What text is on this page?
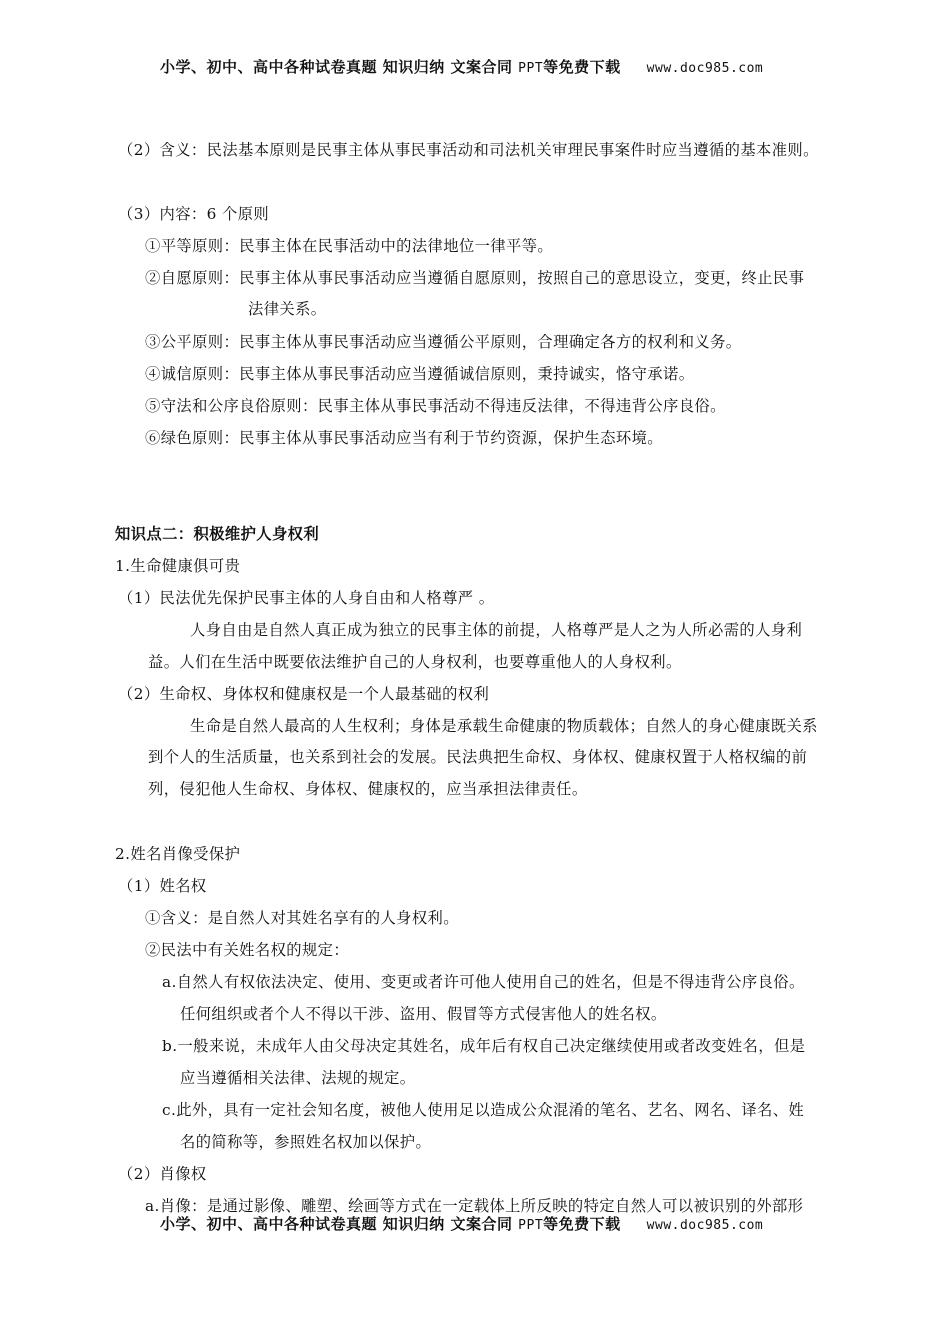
小学、初中、高中各种试卷真题 知识归纳 文案合同 PPT等免费下载 www.doc985.com
（2）含义：民法基本原则是民事主体从事民事活动和司法机关审理民事案件时应当遵循的基本准则。
（3）内容：6 个原则
①平等原则：民事主体在民事活动中的法律地位一律平等。
②自愿原则：民事主体从事民事活动应当遵循自愿原则，按照自己的意思设立，变更，终止民事
法律关系。
③公平原则：民事主体从事民事活动应当遵循公平原则，合理确定各方的权利和义务。
④诚信原则：民事主体从事民事活动应当遵循诚信原则，秉持诚实，恪守承诺。
⑤守法和公序良俗原则：民事主体从事民事活动不得违反法律，不得违背公序良俗。
⑥绿色原则：民事主体从事民事活动应当有利于节约资源，保护生态环境。
知识点二：积极维护人身权利
1.生命健康俱可贵
（1）民法优先保护民事主体的人身自由和人格尊严 。
人身自由是自然人真正成为独立的民事主体的前提，人格尊严是人之为人所必需的人身利
益。人们在生活中既要依法维护自己的人身权利，也要尊重他人的人身权利。
（2）生命权、身体权和健康权是一个人最基础的权利
生命是自然人最高的人生权利；身体是承载生命健康的物质载体；自然人的身心健康既关系
到个人的生活质量，也关系到社会的发展。民法典把生命权、身体权、健康权置于人格权编的前
列，侵犯他人生命权、身体权、健康权的，应当承担法律责任。
2.姓名肖像受保护
（1）姓名权
①含义：是自然人对其姓名享有的人身权利。
②民法中有关姓名权的规定：
a.自然人有权依法决定、使用、变更或者许可他人使用自己的姓名，但是不得违背公序良俗。
任何组织或者个人不得以干涉、盗用、假冒等方式侵害他人的姓名权。
b.一般来说，未成年人由父母决定其姓名，成年后有权自己决定继续使用或者改变姓名，但是
应当遵循相关法律、法规的规定。
c.此外，具有一定社会知名度，被他人使用足以造成公众混淆的笔名、艺名、网名、译名、姓
名的简称等，参照姓名权加以保护。
（2）肖像权
a.肖像：是通过影像、雕塑、绘画等方式在一定载体上所反映的特定自然人可以被识别的外部形
小学、初中、高中各种试卷真题 知识归纳 文案合同 PPT等免费下载 www.doc985.com
